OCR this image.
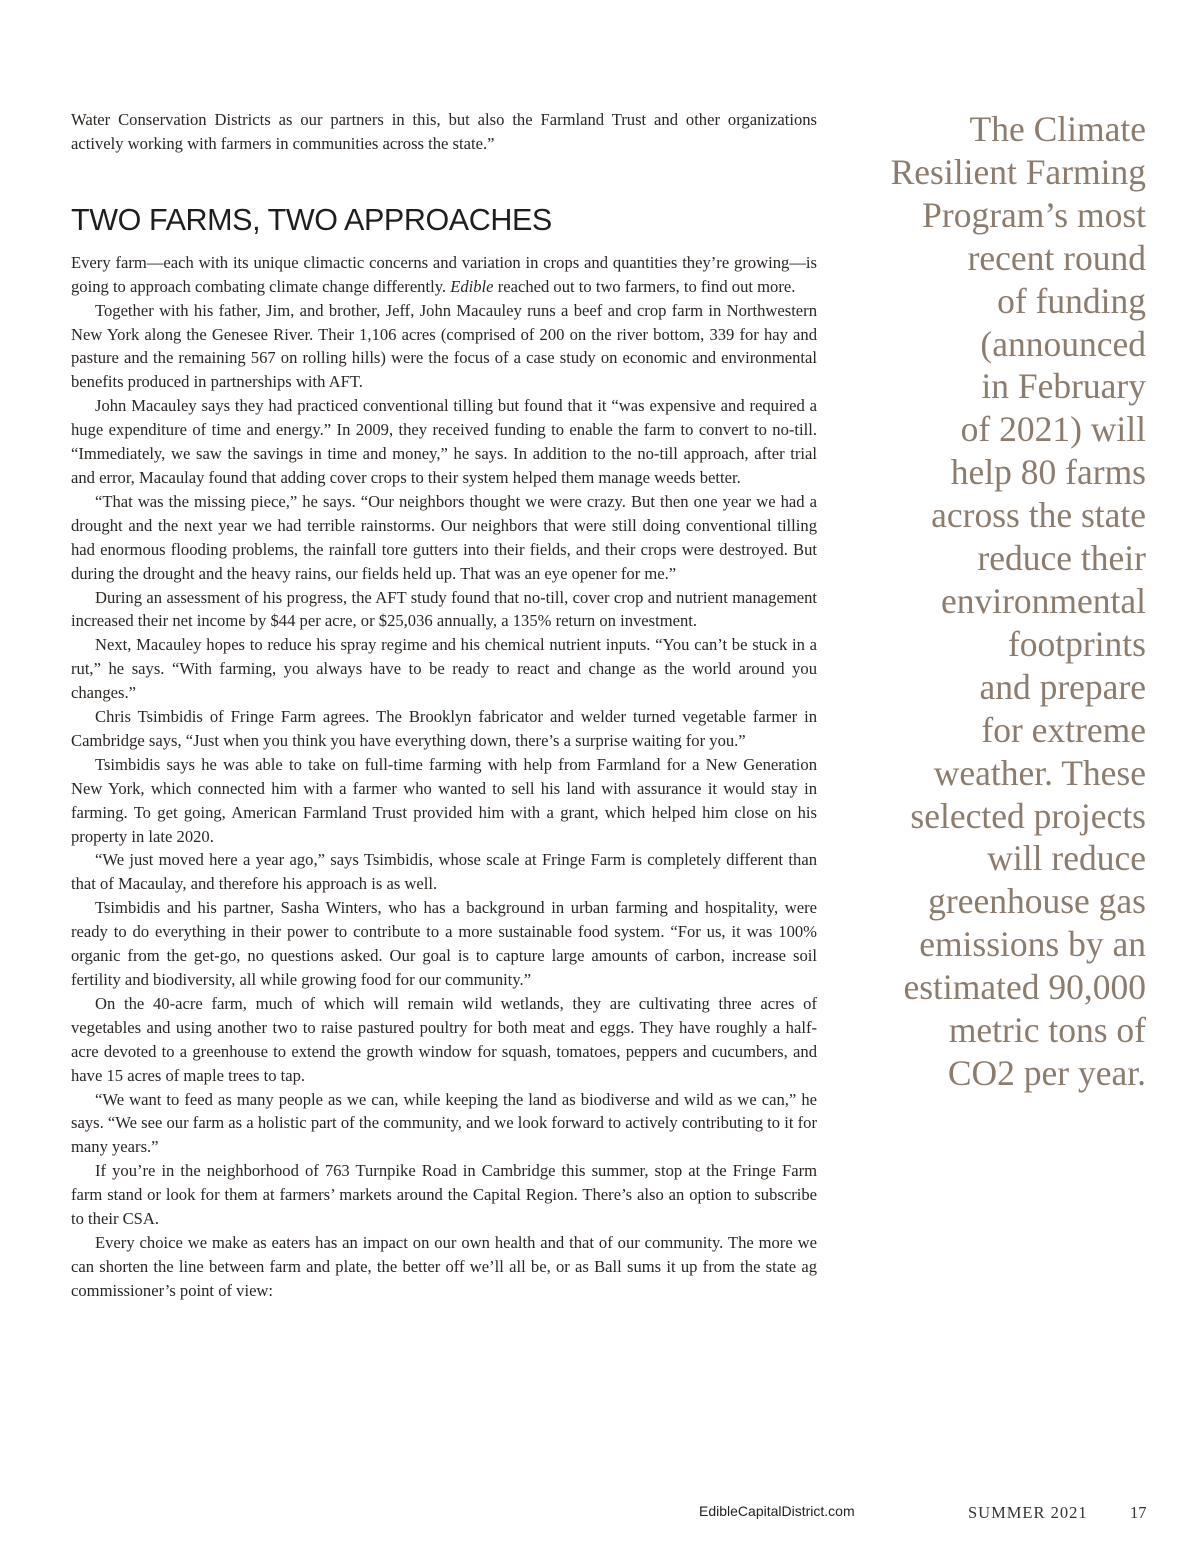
Water Conservation Districts as our partners in this, but also the Farmland Trust and other organizations actively working with farmers in communities across the state.”

TWO FARMS, TWO APPROACHES

Every farm—each with its unique climactic concerns and variation in crops and quantities they’re growing—is going to approach combating climate change differently. Edible reached out to two farmers, to find out more.

Together with his father, Jim, and brother, Jeff, John Macauley runs a beef and crop farm in Northwestern New York along the Genesee River. Their 1,106 acres (comprised of 200 on the river bottom, 339 for hay and pasture and the remaining 567 on rolling hills) were the focus of a case study on economic and environmental benefits produced in partnerships with AFT.

John Macauley says they had practiced conventional tilling but found that it “was expensive and required a huge expenditure of time and energy.” In 2009, they received funding to enable the farm to convert to no-till. “Immediately, we saw the savings in time and money,” he says. In addition to the no-till approach, after trial and error, Macaulay found that adding cover crops to their system helped them manage weeds better.

“That was the missing piece,” he says. “Our neighbors thought we were crazy. But then one year we had a drought and the next year we had terrible rainstorms. Our neighbors that were still doing conventional tilling had enormous flooding problems, the rainfall tore gutters into their fields, and their crops were destroyed. But during the drought and the heavy rains, our fields held up. That was an eye opener for me.”

During an assessment of his progress, the AFT study found that no-till, cover crop and nutrient management increased their net income by $44 per acre, or $25,036 annually, a 135% return on investment.

Next, Macauley hopes to reduce his spray regime and his chemical nutrient inputs. “You can’t be stuck in a rut,” he says. “With farming, you always have to be ready to react and change as the world around you changes.”

Chris Tsimbidis of Fringe Farm agrees. The Brooklyn fabricator and welder turned vegetable farmer in Cambridge says, “Just when you think you have everything down, there’s a surprise waiting for you.”

Tsimbidis says he was able to take on full-time farming with help from Farmland for a New Generation New York, which connected him with a farmer who wanted to sell his land with assurance it would stay in farming. To get going, American Farmland Trust provided him with a grant, which helped him close on his property in late 2020.

“We just moved here a year ago,” says Tsimbidis, whose scale at Fringe Farm is completely different than that of Macaulay, and therefore his approach is as well.

Tsimbidis and his partner, Sasha Winters, who has a background in urban farming and hospitality, were ready to do everything in their power to contribute to a more sustainable food system. “For us, it was 100% organic from the get-go, no questions asked. Our goal is to capture large amounts of carbon, increase soil fertility and biodiversity, all while growing food for our community.”

On the 40-acre farm, much of which will remain wild wetlands, they are cultivating three acres of vegetables and using another two to raise pastured poultry for both meat and eggs. They have roughly a half-acre devoted to a greenhouse to extend the growth window for squash, tomatoes, peppers and cucumbers, and have 15 acres of maple trees to tap.

“We want to feed as many people as we can, while keeping the land as biodiverse and wild as we can,” he says. “We see our farm as a holistic part of the community, and we look forward to actively contributing to it for many years.”

If you’re in the neighborhood of 763 Turnpike Road in Cambridge this summer, stop at the Fringe Farm farm stand or look for them at farmers’ markets around the Capital Region. There’s also an option to subscribe to their CSA.

Every choice we make as eaters has an impact on our own health and that of our community. The more we can shorten the line between farm and plate, the better off we’ll all be, or as Ball sums it up from the state ag commissioner’s point of view:

The Climate
Resilient Farming
Program’s most
recent round
of funding
(announced
in February
of 2021) will
help 80 farms
across the state
reduce their
environmental
footprints
and prepare
for extreme
weather. These
selected projects
will reduce
greenhouse gas
emissions by an
estimated 90,000
metric tons of
CO2 per year.
EdibleCapitalDistrict.com	SUMMER 2021	17
